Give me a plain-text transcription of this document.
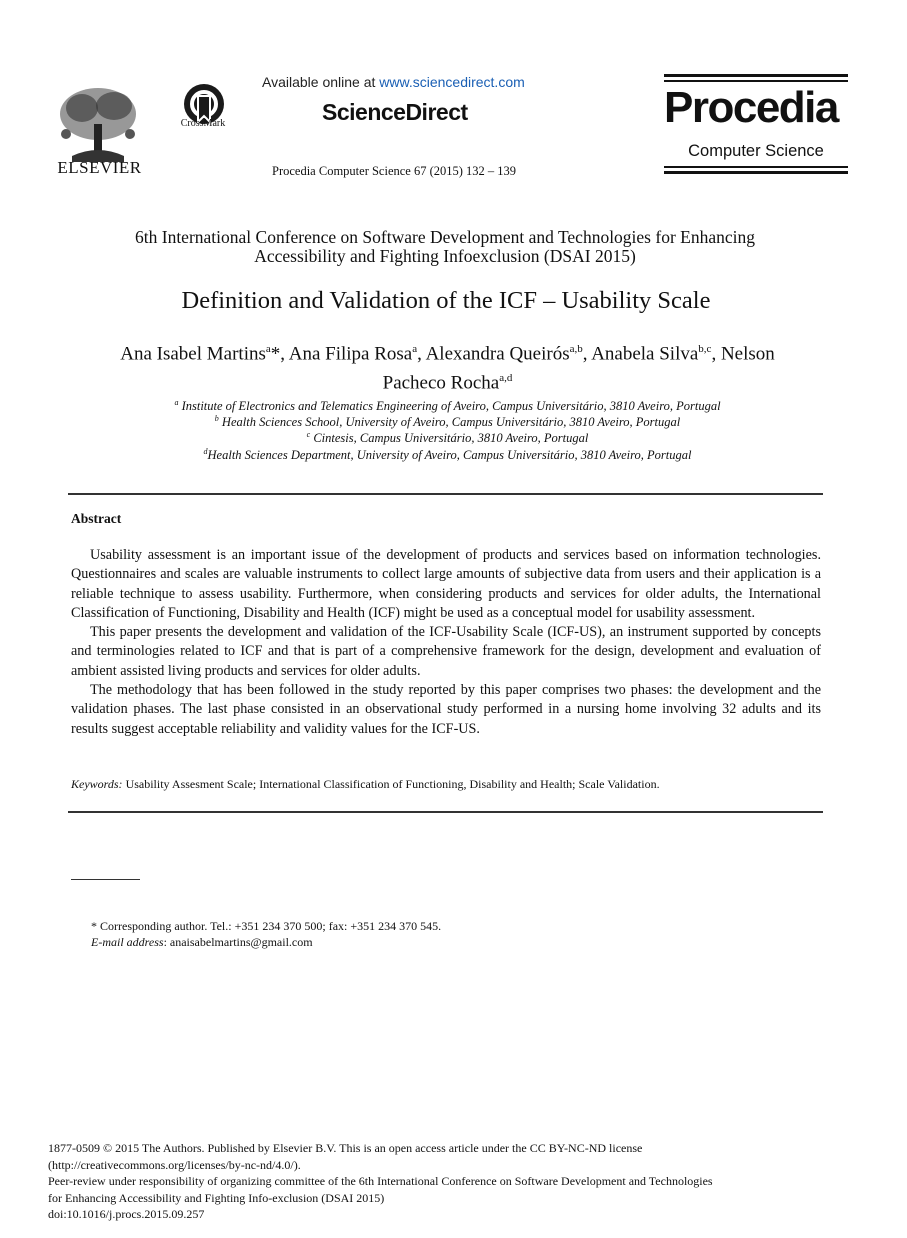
ELSEVIER
CrossMark
Available online at www.sciencedirect.com
ScienceDirect
Procedia Computer Science 67 (2015) 132 – 139
Procedia
Computer Science
6th International Conference on Software Development and Technologies for Enhancing
Accessibility and Fighting Infoexclusion (DSAI 2015)
Definition and Validation of the ICF – Usability Scale
Ana Isabel Martins$^a$*, Ana Filipa Rosa$^a$, Alexandra Queirós$^{a,b}$, Anabela Silva$^{b,c}$, Nelson
Pacheco Rocha$^{a,d}$
$^a$ Institute of Electronics and Telematics Engineering of Aveiro, Campus Universitário, 3810 Aveiro, Portugal
$^b$ Health Sciences School, University of Aveiro, Campus Universitário, 3810 Aveiro, Portugal
$^c$ Cintesis, Campus Universitário, 3810 Aveiro, Portugal
$^d$Health Sciences Department, University of Aveiro, Campus Universitário, 3810 Aveiro, Portugal
Abstract

Usability assessment is an important issue of the development of products and services based on information technologies. Questionnaires and scales are valuable instruments to collect large amounts of subjective data from users and their application is a reliable technique to assess usability. Furthermore, when considering products and services for older adults, the International Classification of Functioning, Disability and Health (ICF) might be used as a conceptual model for usability assessment.

This paper presents the development and validation of the ICF-Usability Scale (ICF-US), an instrument supported by concepts and terminologies related to ICF and that is part of a comprehensive framework for the design, development and evaluation of ambient assisted living products and services for older adults.

The methodology that has been followed in the study reported by this paper comprises two phases: the development and the validation phases. The last phase consisted in an observational study performed in a nursing home involving 32 adults and its results suggest acceptable reliability and validity values for the ICF-US.

Keywords: Usability Assesment Scale; International Classification of Functioning, Disability and Health; Scale Validation.
* Corresponding author. Tel.: +351 234 370 500; fax: +351 234 370 545.
E-mail address: anaisabelmartins@gmail.com
1877-0509 © 2015 The Authors. Published by Elsevier B.V. This is an open access article under the CC BY-NC-ND license
(http://creativecommons.org/licenses/by-nc-nd/4.0/).
Peer-review under responsibility of organizing committee of the 6th International Conference on Software Development and Technologies
for Enhancing Accessibility and Fighting Info-exclusion (DSAI 2015)
doi:10.1016/j.procs.2015.09.257
